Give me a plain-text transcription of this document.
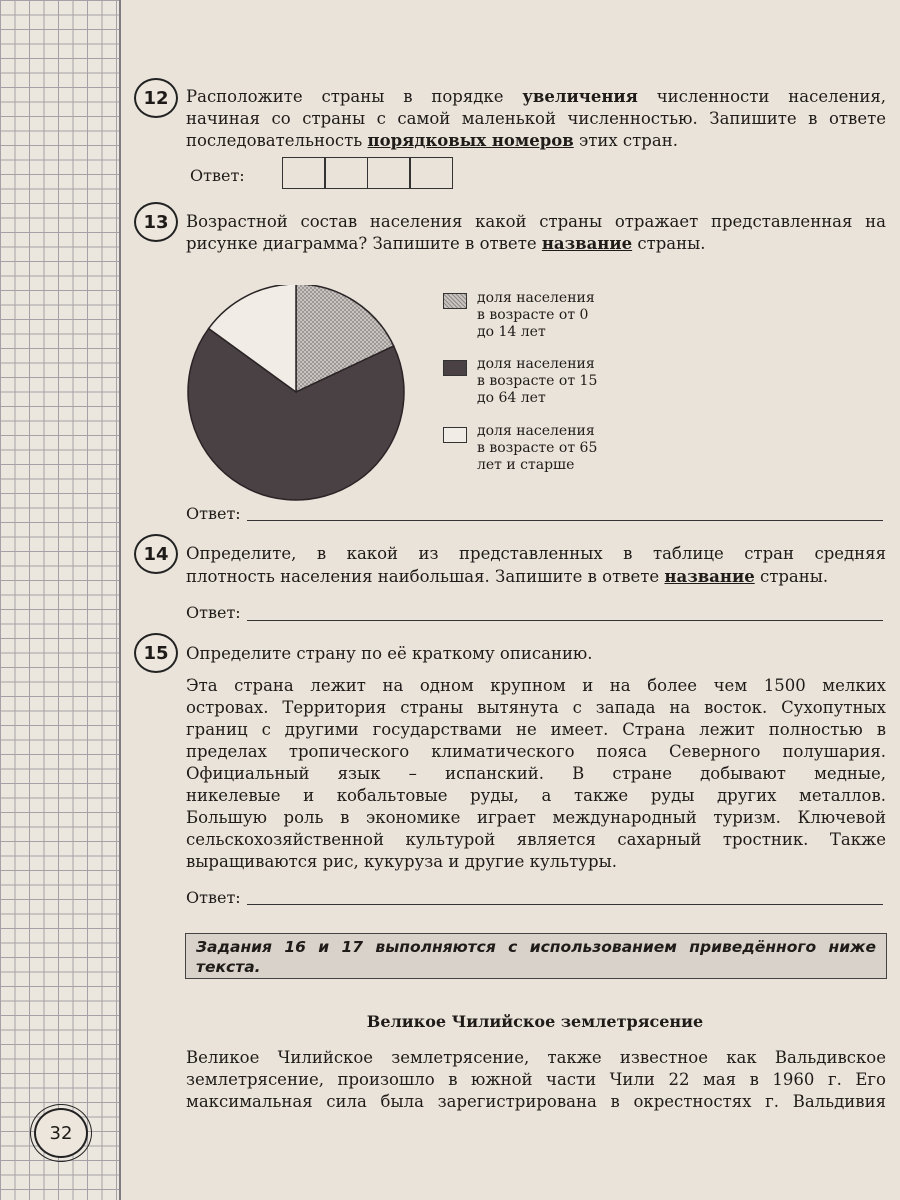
12	Расположите страны в порядке увеличения численности населения,
начиная со страны с самой маленькой численностью. Запишите в ответе
последовательность порядковых номеров этих стран.
Ответ:
13	Возрастной состав населения какой страны отражает представленная на
рисунке диаграмма? Запишите в ответе название страны.
доля населения
в возрасте от 0
до 14 лет
доля населения
в возрасте от 15
до 64 лет
доля населения
в возрасте от 65
лет и старше
Ответ:
14	Определите, в какой из представленных в таблице стран средняя
плотность населения наибольшая. Запишите в ответе название страны.
Ответ:
15	Определите страну по её краткому описанию.
Эта страна лежит на одном крупном и на более чем 1500 мелких
островах. Территория страны вытянута с запада на восток. Сухопутных
границ с другими государствами не имеет. Страна лежит полностью в
пределах тропического климатического пояса Северного полушария.
Официальный язык – испанский. В стране добывают медные,
никелевые и кобальтовые руды, а также руды других металлов.
Большую роль в экономике играет международный туризм. Ключевой
сельскохозяйственной культурой является сахарный тростник. Также
выращиваются рис, кукуруза и другие культуры.
Ответ:
Задания 16 и 17 выполняются с использованием приведённого ниже
текста.
Великое Чилийское землетрясение
Великое Чилийское землетрясение, также известное как Вальдивское
землетрясение, произошло в южной части Чили 22 мая в 1960 г. Его
максимальная сила была зарегистрирована в окрестностях г. Вальдивия
32
